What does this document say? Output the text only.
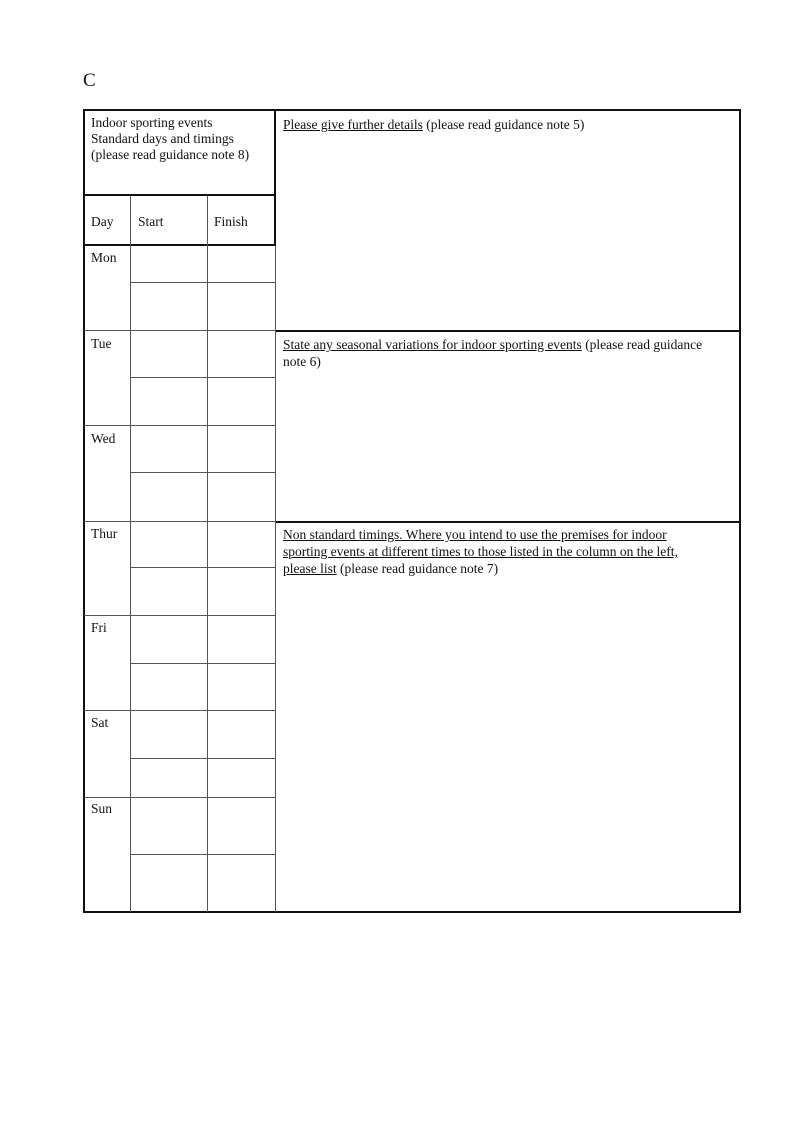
C
Indoor sporting events
Standard days and timings
(please read guidance note 8)
Day Start	Finish
Mon
Tue
Wed
Thur
Fri
Sat
Sun
Please give further details (please read guidance note 5)
State any seasonal variations for indoor sporting events (please read guidance note 6)
Non standard timings. Where you intend to use the premises for indoor sporting events at different times to those listed in the column on the left, please list (please read guidance note 7)
